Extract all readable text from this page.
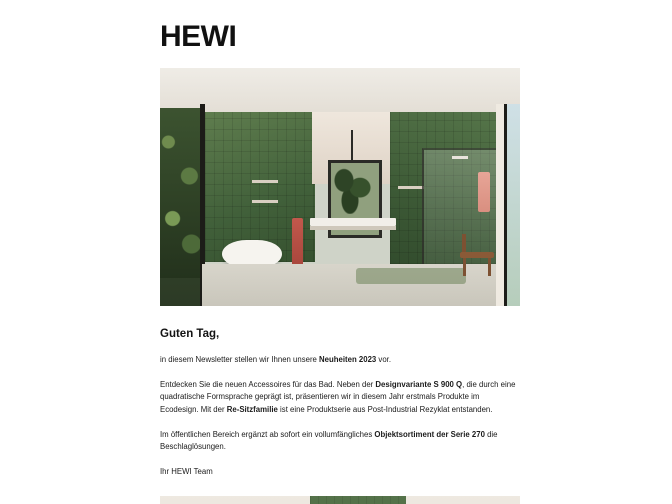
HEWI

Guten Tag,

in diesem Newsletter stellen wir Ihnen unsere Neuheiten 2023 vor.

Entdecken Sie die neuen Accessoires für das Bad. Neben der Designvariante S 900 Q, die durch eine quadratische Formsprache geprägt ist, präsentieren wir in diesem Jahr erstmals Produkte im Ecodesign. Mit der Re-Sitzfamilie ist eine Produktserie aus Post-Industrial Rezyklat entstanden.

Im öffentlichen Bereich ergänzt ab sofort ein vollumfängliches Objektsortiment der Serie 270 die Beschlaglösungen.

Ihr HEWI Team
